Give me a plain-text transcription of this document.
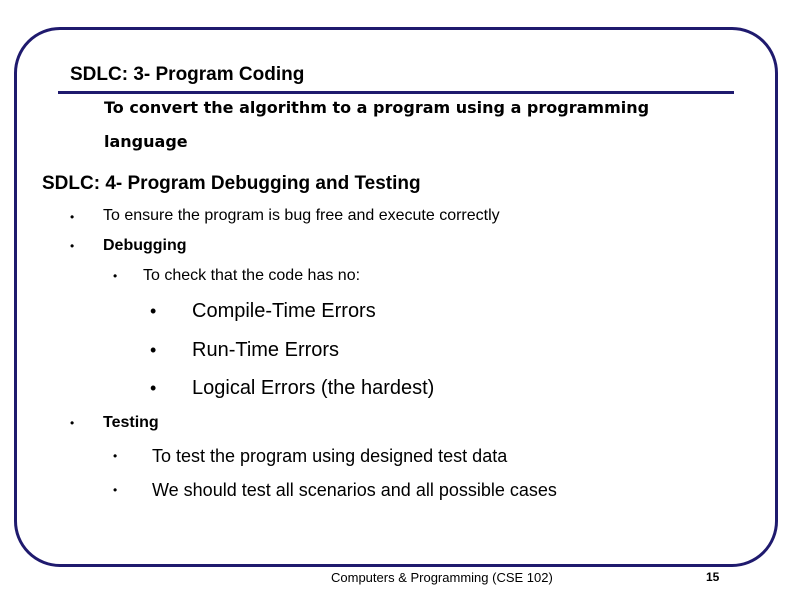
SDLC: 3- Program Coding
To convert the algorithm to a program using a programming
language
SDLC: 4- Program Debugging and Testing
• To ensure the program is bug free and execute correctly
• Debugging
• To check that the code has no:
• Compile-Time Errors
• Run-Time Errors
• Logical Errors (the hardest)
• Testing
• To test the program using designed test data
• We should test all scenarios and all possible cases
Computers & Programming (CSE 102)	15
